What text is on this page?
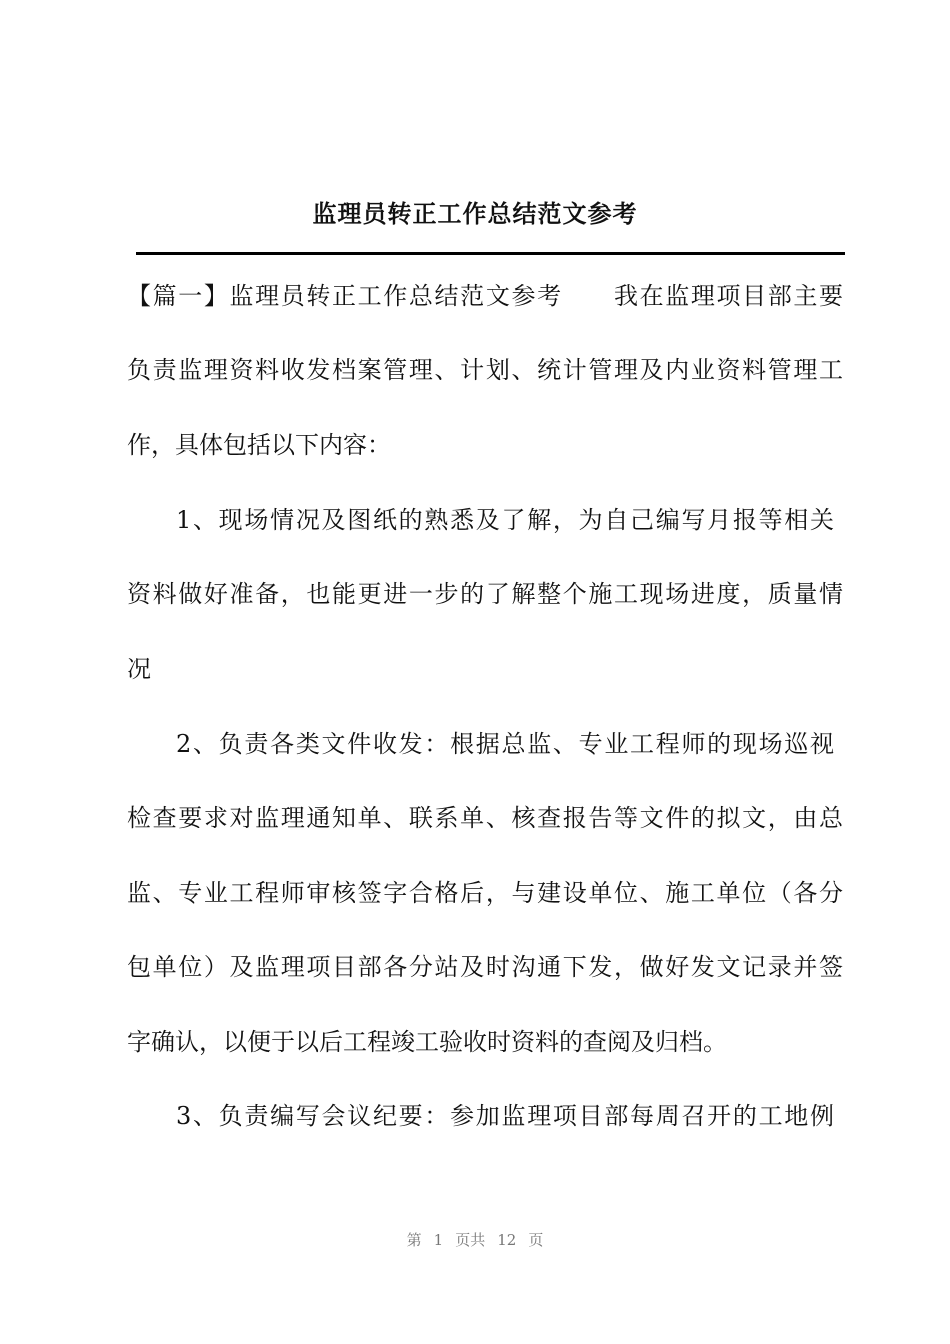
监理员转正工作总结范文参考
【篇一】监理员转正工作总结范文参考　　我在监理项目部主要
负责监理资料收发档案管理、计划、统计管理及内业资料管理工
作，具体包括以下内容：
1、现场情况及图纸的熟悉及了解，为自己编写月报等相关
资料做好准备，也能更进一步的了解整个施工现场进度，质量情
况
2、负责各类文件收发：根据总监、专业工程师的现场巡视
检查要求对监理通知单、联系单、核查报告等文件的拟文，由总
监、专业工程师审核签字合格后，与建设单位、施工单位（各分
包单位）及监理项目部各分站及时沟通下发，做好发文记录并签
字确认，以便于以后工程竣工验收时资料的查阅及归档。
3、负责编写会议纪要：参加监理项目部每周召开的工地例
第 1 页共 12 页
